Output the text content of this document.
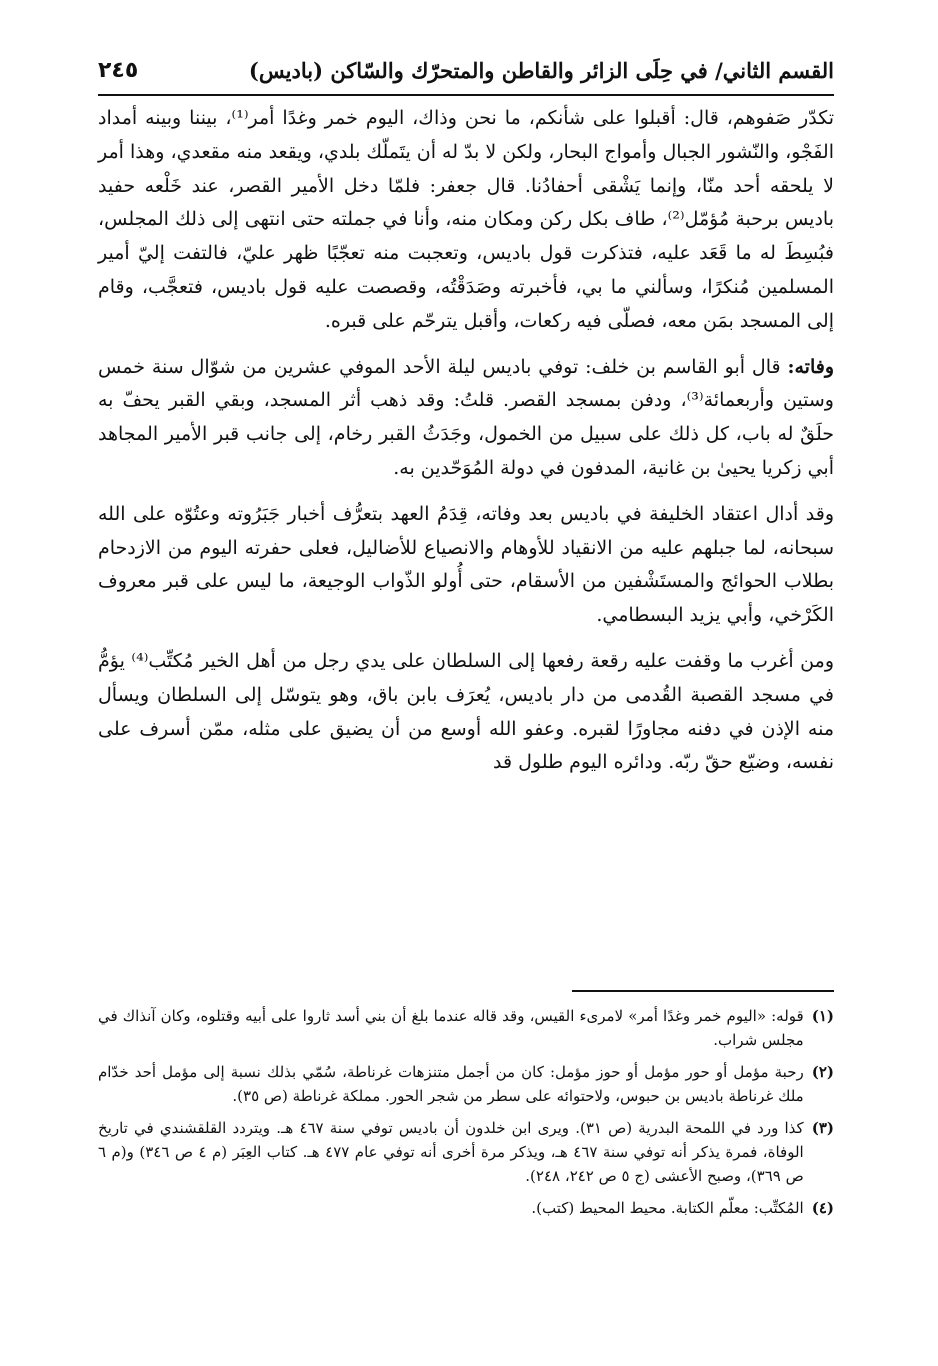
القسم الثاني/ في حِلَى الزائر والقاطن والمتحرّك والسّاكن (باديس)
٢٤٥

تكدّر صَفوهم، قال: أقبلوا على شأنكم، ما نحن وذاك، اليوم خمر وغدًا أمر⁽¹⁾، بيننا وبينه أمداد الفَجْو، والنّشور الجبال وأمواج البحار، ولكن لا بدّ له أن يتَملّك بلدي، ويقعد منه مقعدي، وهذا أمر لا يلحقه أحد منّا، وإنما يَشْقى أحفادُنا. قال جعفر: فلمّا دخل الأمير القصر، عند خَلْعه حفيد باديس برحبة مُؤمّل⁽²⁾، طاف بكل ركن ومكان منه، وأنا في جملته حتى انتهى إلى ذلك المجلس، فبُسِطَ له ما قَعَد عليه، فتذكرت قول باديس، وتعجبت منه تعجّبًا ظهر عليّ، فالتفت إليّ أمير المسلمين مُنكرًا، وسألني ما بي، فأخبرته وصَدَقْتُه، وقصصت عليه قول باديس، فتعجَّب، وقام إلى المسجد بمَن معه، فصلّى فيه ركعات، وأقبل يترحّم على قبره.

وفاته: قال أبو القاسم بن خلف: توفي باديس ليلة الأحد الموفي عشرين من شوّال سنة خمس وستين وأربعمائة⁽³⁾، ودفن بمسجد القصر. قلتُ: وقد ذهب أثر المسجد، وبقي القبر يحفّ به حلَقٌ له باب، كل ذلك على سبيل من الخمول، وجَدَثُ القبر رخام، إلى جانب قبر الأمير المجاهد أبي زكريا يحيىٰ بن غانية، المدفون في دولة المُوَحّدين به.

وقد أدال اعتقاد الخليفة في باديس بعد وفاته، قِدَمُ العهد بتعرُّف أخبار جَبَرُوته وعتُوّه على الله سبحانه، لما جبلهم عليه من الانقياد للأوهام والانصياع للأضاليل، فعلى حفرته اليوم من الازدحام بطلاب الحوائج والمستَشْفين من الأسقام، حتى أُولو الذّواب الوجيعة، ما ليس على قبر معروف الكَرْخي، وأبي يزيد البسطامي.

ومن أغرب ما وقفت عليه رقعة رفعها إلى السلطان على يدي رجل من أهل الخير مُكتِّب⁽⁴⁾ يؤمُّ في مسجد القصبة القُدمى من دار باديس، يُعرَف بابن باق، وهو يتوسّل إلى السلطان ويسأل منه الإذن في دفنه مجاورًا لقبره. وعفو الله أوسع من أن يضيق على مثله، ممّن أسرف على نفسه، وضيّع حقّ ربّه. ودائره اليوم طلول قد

(١)
قوله: «اليوم خمر وغدًا أمر» لامرىء القيس، وقد قاله عندما بلغ أن بني أسد ثاروا على أبيه وقتلوه، وكان آنذاك في مجلس شراب.
(٢)
رحبة مؤمل أو حور مؤمل أو حوز مؤمل: كان من أجمل متنزهات غرناطة، سُمّي بذلك نسبة إلى مؤمل أحد خدّام ملك غرناطة باديس بن حبوس، ولاحتوائه على سطر من شجر الحور. مملكة غرناطة (ص ٣٥).
(٣)
كذا ورد في اللمحة البدرية (ص ٣١). ويرى ابن خلدون أن باديس توفي سنة ٤٦٧ هـ. ويتردد القلقشندي في تاريخ الوفاة، فمرة يذكر أنه توفي سنة ٤٦٧ هـ، ويذكر مرة أخرى أنه توفي عام ٤٧٧ هـ. كتاب العِبَر (م ٤ ص ٣٤٦) و(م ٦ ص ٣٦٩)، وصبح الأعشى (ج ٥ ص ٢٤٢، ٢٤٨).
(٤)
المُكتِّب: معلّم الكتابة. محيط المحيط (كتب).
